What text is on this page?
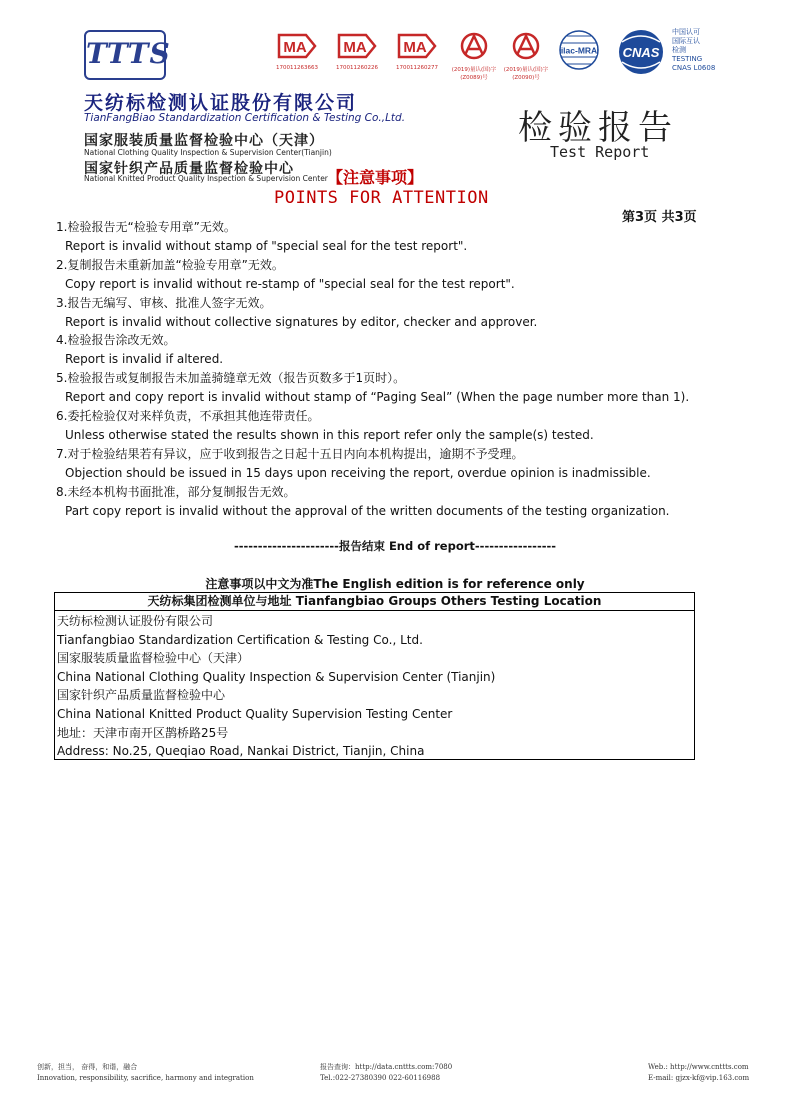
TTTS
天纺标检测认证股份有限公司
TianFangBiao Standardization Certification & Testing Co.,Ltd.
国家服装质量监督检验中心（天津）
National Clothing Quality Inspection & Supervision Center(Tianjin)
国家针织产品质量监督检验中心
National Knitted Product Quality Inspection & Supervision Center
MA
170011263663
MA
170011260226
MA
170011260277	(2019)量认(国)字(Z0089)号
(2019)量认(国)字(Z0090)号
ilac-MRA CNAS
中国认可
国际互认
检测
TESTING
CNAS L0608
检验报告
Test Report
【注意事项】
POINTS FOR ATTENTION
第3页 共3页

1.检验报告无“检验专用章”无效。

Report is invalid without stamp of "special seal for the test report".

2.复制报告未重新加盖“检验专用章”无效。

Copy report is invalid without re-stamp of "special seal for the test report".

3.报告无编写、审核、批准人签字无效。

Report is invalid without collective signatures by editor, checker and approver.

4.检验报告涂改无效。

Report is invalid if altered.

5.检验报告或复制报告未加盖骑缝章无效（报告页数多于1页时）。

Report and copy report is invalid without stamp of “Paging Seal” (When the page number more than 1).

6.委托检验仅对来样负责，不承担其他连带责任。

Unless otherwise stated the results shown in this report refer only the sample(s) tested.

7.对于检验结果若有异议，应于收到报告之日起十五日内向本机构提出，逾期不予受理。

Objection should be issued in 15 days upon receiving the report, overdue opinion is inadmissible.

8.未经本机构书面批准，部分复制报告无效。

Part copy report is invalid without the approval of the written documents of the testing organization.

----------------------报告结束 End of report-----------------
注意事项以中文为准The English edition is for reference only
天纺标集团检测单位与地址 Tianfangbiao Groups Others Testing Location
天纺标检测认证股份有限公司
Tianfangbiao Standardization Certification & Testing Co., Ltd.
国家服装质量监督检验中心（天津）
China National Clothing Quality Inspection & Supervision Center (Tianjin)
国家针织产品质量监督检验中心
China National Knitted Product Quality Supervision Testing Center
地址：天津市南开区鹊桥路25号
Address: No.25, Queqiao Road, Nankai District, Tianjin, China
创新，担当， 奋得，和谐，融合
Innovation, responsibility, sacrifice, harmony and integration
报告查询：http://data.cnttts.com:7080
Tel.:022-27380390 022-60116988
Web.: http://www.cnttts.com
E-mail: gjzx-kf@vip.163.com
